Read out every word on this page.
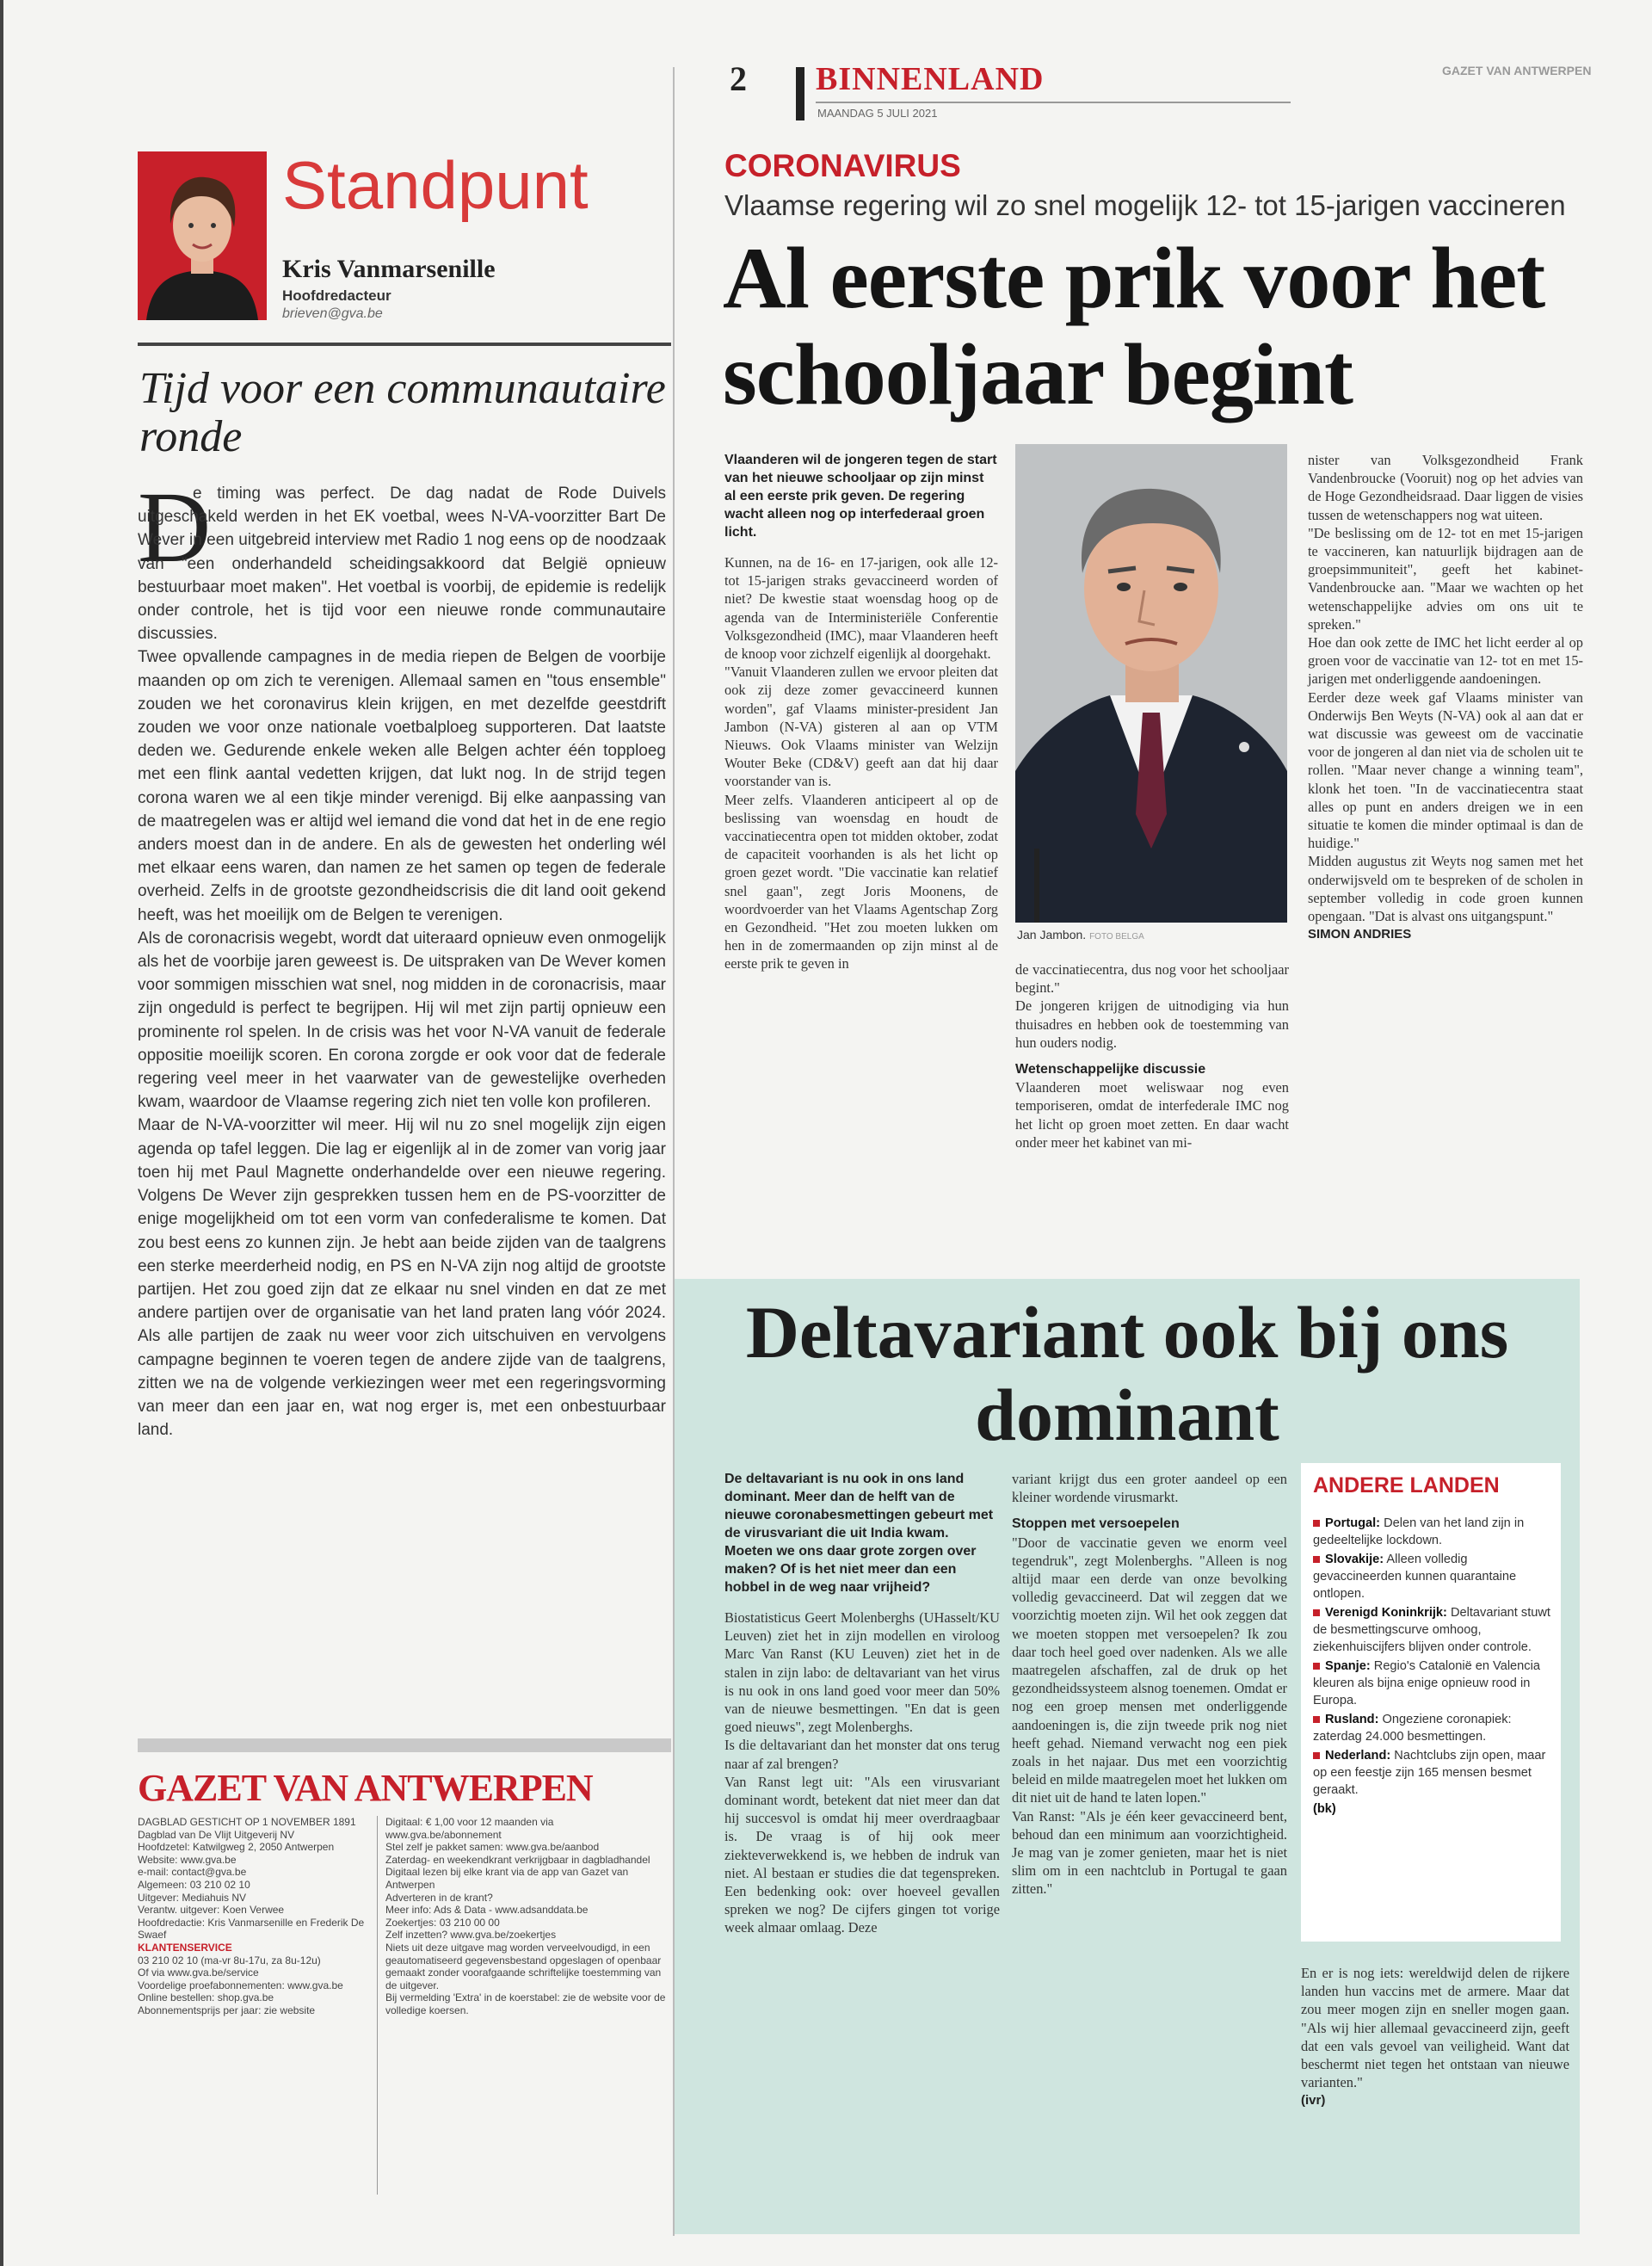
2 BINNENLAND
MAANDAG 5 JULI 2021
GAZET VAN ANTWERPEN
Standpunt
Kris Vanmarsenille
Hoofdredacteur
brieven@gva.be
Tijd voor een communautaire ronde
D

e timing was perfect. De dag nadat de Rode Duivels uitgeschakeld werden in het EK voetbal, wees N-VA-voorzitter Bart De Wever in een uitgebreid interview met Radio 1 nog eens op de noodzaak van "een onderhandeld scheidingsakkoord dat België opnieuw bestuurbaar moet maken". Het voetbal is voorbij, de epidemie is redelijk onder controle, het is tijd voor een nieuwe ronde communautaire discussies.

Twee opvallende campagnes in de media riepen de Belgen de voorbije maanden op om zich te verenigen. Allemaal samen en "tous ensemble" zouden we het coronavirus klein krijgen, en met dezelfde geestdrift zouden we voor onze nationale voetbalploeg supporteren. Dat laatste deden we. Gedurende enkele weken alle Belgen achter één topploeg met een flink aantal vedetten krijgen, dat lukt nog. In de strijd tegen corona waren we al een tikje minder verenigd. Bij elke aanpassing van de maatregelen was er altijd wel iemand die vond dat het in de ene regio anders moest dan in de andere. En als de gewesten het onderling wél met elkaar eens waren, dan namen ze het samen op tegen de federale overheid. Zelfs in de grootste gezondheidscrisis die dit land ooit gekend heeft, was het moeilijk om de Belgen te verenigen.

Als de coronacrisis wegebt, wordt dat uiteraard opnieuw even onmogelijk als het de voorbije jaren geweest is. De uitspraken van De Wever komen voor sommigen misschien wat snel, nog midden in de coronacrisis, maar zijn ongeduld is perfect te begrijpen. Hij wil met zijn partij opnieuw een prominente rol spelen. In de crisis was het voor N-VA vanuit de federale oppositie moeilijk scoren. En corona zorgde er ook voor dat de federale regering veel meer in het vaarwater van de gewestelijke overheden kwam, waardoor de Vlaamse regering zich niet ten volle kon profileren.

Maar de N-VA-voorzitter wil meer. Hij wil nu zo snel mogelijk zijn eigen agenda op tafel leggen. Die lag er eigenlijk al in de zomer van vorig jaar toen hij met Paul Magnette onderhandelde over een nieuwe regering. Volgens De Wever zijn gesprekken tussen hem en de PS-voorzitter de enige mogelijkheid om tot een vorm van confederalisme te komen. Dat zou best eens zo kunnen zijn. Je hebt aan beide zijden van de taalgrens een sterke meerderheid nodig, en PS en N-VA zijn nog altijd de grootste partijen. Het zou goed zijn dat ze elkaar nu snel vinden en dat ze met andere partijen over de organisatie van het land praten lang vóór 2024. Als alle partijen de zaak nu weer voor zich uitschuiven en vervolgens campagne beginnen te voeren tegen de andere zijde van de taalgrens, zitten we na de volgende verkiezingen weer met een regeringsvorming van meer dan een jaar en, wat nog erger is, met een onbestuurbaar land.

GAZET VAN ANTWERPEN

DAGBLAD GESTICHT OP 1 NOVEMBER 1891

Dagblad van De Vlijt Uitgeverij NV

Hoofdzetel: Katwilgweg 2, 2050 Antwerpen

Website: www.gva.be

e-mail: contact@gva.be

Algemeen: 03 210 02 10

Uitgever: Mediahuis NV

Verantw. uitgever: Koen Verwee

Hoofdredactie: Kris Vanmarsenille en Frederik De Swaef

KLANTENSERVICE

03 210 02 10 (ma-vr 8u-17u, za 8u-12u)

Of via www.gva.be/service

Voordelige proefabonnementen: www.gva.be

Online bestellen: shop.gva.be

Abonnementsprijs per jaar: zie website

Digitaal: € 1,00 voor 12 maanden via www.gva.be/abonnement

Stel zelf je pakket samen: www.gva.be/aanbod

Zaterdag- en weekendkrant verkrijgbaar in dagbladhandel

Digitaal lezen bij elke krant via de app van Gazet van Antwerpen

Adverteren in de krant?

Meer info: Ads & Data - www.adsanddata.be

Zoekertjes: 03 210 00 00

Zelf inzetten? www.gva.be/zoekertjes

Niets uit deze uitgave mag worden verveelvoudigd, in een geautomatiseerd gegevensbestand opgeslagen of openbaar gemaakt zonder voorafgaande schriftelijke toestemming van de uitgever.

Bij vermelding 'Extra' in de koerstabel: zie de website voor de volledige koersen.

CORONAVIRUS
Vlaamse regering wil zo snel mogelijk 12- tot 15-jarigen vaccineren
Al eerste prik voor het schooljaar begint

Vlaanderen wil de jongeren tegen de start van het nieuwe schooljaar op zijn minst al een eerste prik geven. De regering wacht alleen nog op interfederaal groen licht.

Kunnen, na de 16- en 17-jarigen, ook alle 12- tot 15-jarigen straks gevaccineerd worden of niet? De kwestie staat woensdag hoog op de agenda van de Interministeriële Conferentie Volksgezondheid (IMC), maar Vlaanderen heeft de knoop voor zichzelf eigenlijk al doorgehakt.

"Vanuit Vlaanderen zullen we ervoor pleiten dat ook zij deze zomer gevaccineerd kunnen worden", gaf Vlaams minister-president Jan Jambon (N-VA) gisteren al aan op VTM Nieuws. Ook Vlaams minister van Welzijn Wouter Beke (CD&V) geeft aan dat hij daar voorstander van is.

Meer zelfs. Vlaanderen anticipeert al op de beslissing van woensdag en houdt de vaccinatiecentra open tot midden oktober, zodat de capaciteit voorhanden is als het licht op groen gezet wordt. "Die vaccinatie kan relatief snel gaan", zegt Joris Moonens, de woordvoerder van het Vlaams Agentschap Zorg en Gezondheid. "Het zou moeten lukken om hen in de zomermaanden op zijn minst al de eerste prik te geven in

Jan Jambon. FOTO BELGA

de vaccinatiecentra, dus nog voor het schooljaar begint."

De jongeren krijgen de uitnodiging via hun thuisadres en hebben ook de toestemming van hun ouders nodig.

Wetenschappelijke discussie

Vlaanderen moet weliswaar nog even temporiseren, omdat de interfederale IMC nog het licht op groen moet zetten. En daar wacht onder meer het kabinet van mi-

nister van Volksgezondheid Frank Vandenbroucke (Vooruit) nog op het advies van de Hoge Gezondheidsraad. Daar liggen de visies tussen de wetenschappers nog wat uiteen.

"De beslissing om de 12- tot en met 15-jarigen te vaccineren, kan natuurlijk bijdragen aan de groepsimmuniteit", geeft het kabinet-Vandenbroucke aan. "Maar we wachten op het wetenschappelijke advies om ons uit te spreken."

Hoe dan ook zette de IMC het licht eerder al op groen voor de vaccinatie van 12- tot en met 15-jarigen met onderliggende aandoeningen.

Eerder deze week gaf Vlaams minister van Onderwijs Ben Weyts (N-VA) ook al aan dat er wat discussie was geweest om de vaccinatie voor de jongeren al dan niet via de scholen uit te rollen. "Maar never change a winning team", klonk het toen. "In de vaccinatiecentra staat alles op punt en anders dreigen we in een situatie te komen die minder optimaal is dan de huidige."

Midden augustus zit Weyts nog samen met het onderwijsveld om te bespreken of de scholen in september volledig in code groen kunnen opengaan. "Dat is alvast ons uitgangspunt."

SIMON ANDRIES

Deltavariant ook bij ons dominant

De deltavariant is nu ook in ons land dominant. Meer dan de helft van de nieuwe coronabesmettingen gebeurt met de virusvariant die uit India kwam. Moeten we ons daar grote zorgen over maken? Of is het niet meer dan een hobbel in de weg naar vrijheid?

Biostatisticus Geert Molenberghs (UHasselt/KU Leuven) ziet het in zijn modellen en viroloog Marc Van Ranst (KU Leuven) ziet het in de stalen in zijn labo: de deltavariant van het virus is nu ook in ons land goed voor meer dan 50% van de nieuwe besmettingen. "En dat is geen goed nieuws", zegt Molenberghs.

Is die deltavariant dan het monster dat ons terug naar af zal brengen?

Van Ranst legt uit: "Als een virusvariant dominant wordt, betekent dat niet meer dan dat hij succesvol is omdat hij meer overdraagbaar is. De vraag is of hij ook meer ziekteverwekkend is, we hebben de indruk van niet. Al bestaan er studies die dat tegenspreken. Een bedenking ook: over hoeveel gevallen spreken we nog? De cijfers gingen tot vorige week almaar omlaag. Deze

variant krijgt dus een groter aandeel op een kleiner wordende virusmarkt.

Stoppen met versoepelen

"Door de vaccinatie geven we enorm veel tegendruk", zegt Molenberghs. "Alleen is nog altijd maar een derde van onze bevolking volledig gevaccineerd. Dat wil zeggen dat we voorzichtig moeten zijn. Wil het ook zeggen dat we moeten stoppen met versoepelen? Ik zou daar toch heel goed over nadenken. Als we alle maatregelen afschaffen, zal de druk op het gezondheidssysteem alsnog toenemen. Omdat er nog een groep mensen met onderliggende aandoeningen is, die zijn tweede prik nog niet heeft gehad. Niemand verwacht nog een piek zoals in het najaar. Dus met een voorzichtig beleid en milde maatregelen moet het lukken om dit niet uit de hand te laten lopen."

Van Ranst: "Als je één keer gevaccineerd bent, behoud dan een minimum aan voorzichtigheid. Je mag van je zomer genieten, maar het is niet slim om in een nachtclub in Portugal te gaan zitten."

ANDERE LANDEN

Portugal: Delen van het land zijn in gedeeltelijke lockdown.

Slovakije: Alleen volledig gevaccineerden kunnen quarantaine ontlopen.

Verenigd Koninkrijk: Deltavariant stuwt de besmettingscurve omhoog, ziekenhuiscijfers blijven onder controle.

Spanje: Regio's Catalonië en Valencia kleuren als bijna enige opnieuw rood in Europa.

Rusland: Ongeziene coronapiek: zaterdag 24.000 besmettingen.

Nederland: Nachtclubs zijn open, maar op een feestje zijn 165 mensen besmet geraakt.

(bk)

En er is nog iets: wereldwijd delen de rijkere landen hun vaccins met de armere. Maar dat zou meer mogen zijn en sneller mogen gaan. "Als wij hier allemaal gevaccineerd zijn, geeft dat een vals gevoel van veiligheid. Want dat beschermt niet tegen het ontstaan van nieuwe varianten."

(ivr)
